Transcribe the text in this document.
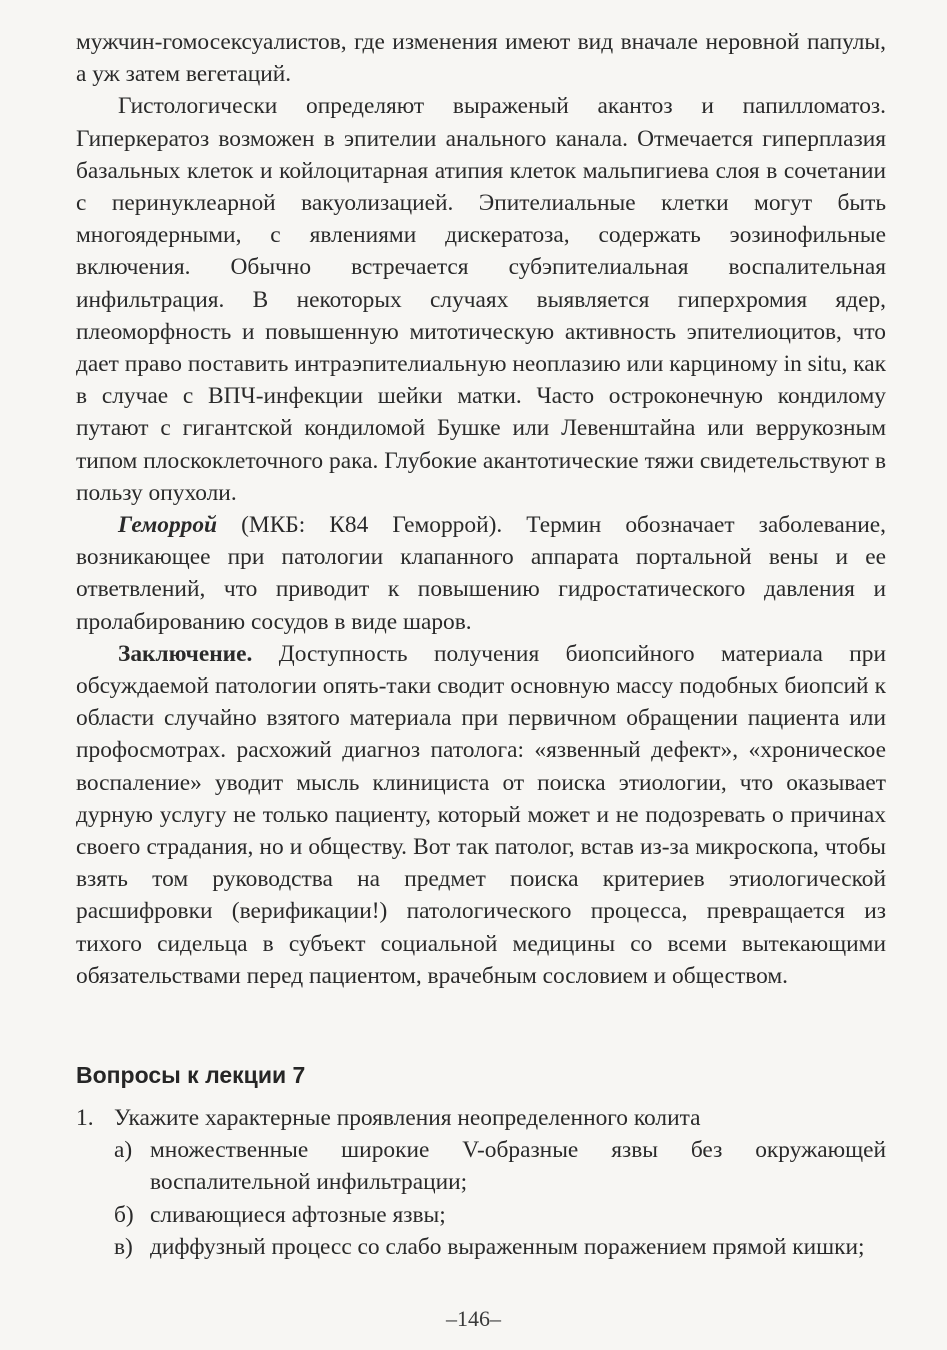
мужчин-гомосексуалистов, где изменения имеют вид вначале неровной папулы, а уж затем вегетаций.

Гистологически определяют выраженый акантоз и папилломатоз. Гиперкератоз возможен в эпителии анального канала. Отмечается гиперплазия базальных клеток и койлоцитарная атипия клеток мальпигиева слоя в сочетании с перинуклеарной вакуолизацией. Эпителиальные клетки могут быть многоядерными, с явлениями дискератоза, содержать эозинофильные включения. Обычно встречается субэпителиальная воспалительная инфильтрация. В некоторых случаях выявляется гиперхромия ядер, плеоморфность и повышенную митотическую активность эпителиоцитов, что дает право поставить интраэпителиальную неоплазию или карциному in situ, как в случае с ВПЧ-инфекции шейки матки. Часто остроконечную кондилому путают с гигантской кондиломой Бушке или Левенштайна или веррукозным типом плоскоклеточного рака. Глубокие акантотические тяжи свидетельствуют в пользу опухоли.

Геморрой (МКБ: К84 Геморрой). Термин обозначает заболевание, возникающее при патологии клапанного аппарата портальной вены и ее ответвлений, что приводит к повышению гидростатического давления и пролабированию сосудов в виде шаров.

Заключение. Доступность получения биопсийного материала при обсуждаемой патологии опять-таки сводит основную массу подобных биопсий к области случайно взятого материала при первичном обращении пациента или профосмотрах. расхожий диагноз патолога: «язвенный дефект», «хроническое воспаление» уводит мысль клинициста от поиска этиологии, что оказывает дурную услугу не только пациенту, который может и не подозревать о причинах своего страдания, но и обществу. Вот так патолог, встав из-за микроскопа, чтобы взять том руководства на предмет поиска критериев этиологической расшифровки (верификации!) патологического процесса, превращается из тихого сидельца в субъект социальной медицины со всеми вытекающими обязательствами перед пациентом, врачебным сословием и обществом.

Вопросы к лекции 7
1. Укажите характерные проявления неопределенного колита
а) множественные широкие V-образные язвы без окружающей воспалительной инфильтрации;
б) сливающиеся афтозные язвы;
в) диффузный процесс со слабо выраженным поражением прямой кишки;
–146–
